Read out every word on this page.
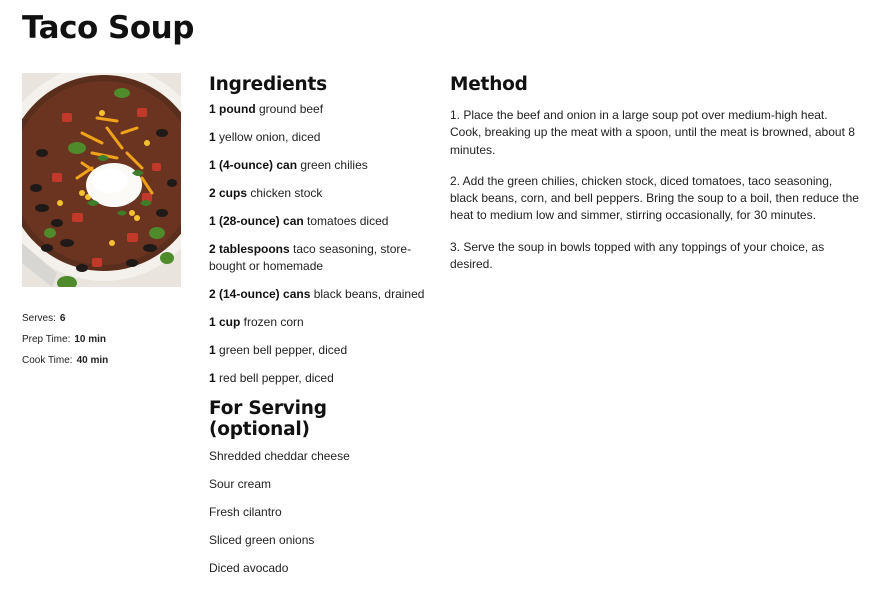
Taco Soup
Serves: 6
Prep Time: 10 min
Cook Time: 40 min
Ingredients
1 pound ground beef
1 yellow onion, diced
1 (4-ounce) can green chilies
2 cups chicken stock
1 (28-ounce) can tomatoes diced
2 tablespoons taco seasoning, store-bought or homemade
2 (14-ounce) cans black beans, drained
1 cup frozen corn
1 green bell pepper, diced
1 red bell pepper, diced
For Serving (optional)
Shredded cheddar cheese
Sour cream
Fresh cilantro
Sliced green onions
Diced avocado
Method
1. Place the beef and onion in a large soup pot over medium-high heat. Cook, breaking up the meat with a spoon, until the meat is browned, about 8 minutes.
2. Add the green chilies, chicken stock, diced tomatoes, taco seasoning, black beans, corn, and bell peppers. Bring the soup to a boil, then reduce the heat to medium low and simmer, stirring occasionally, for 30 minutes.
3. Serve the soup in bowls topped with any toppings of your choice, as desired.
